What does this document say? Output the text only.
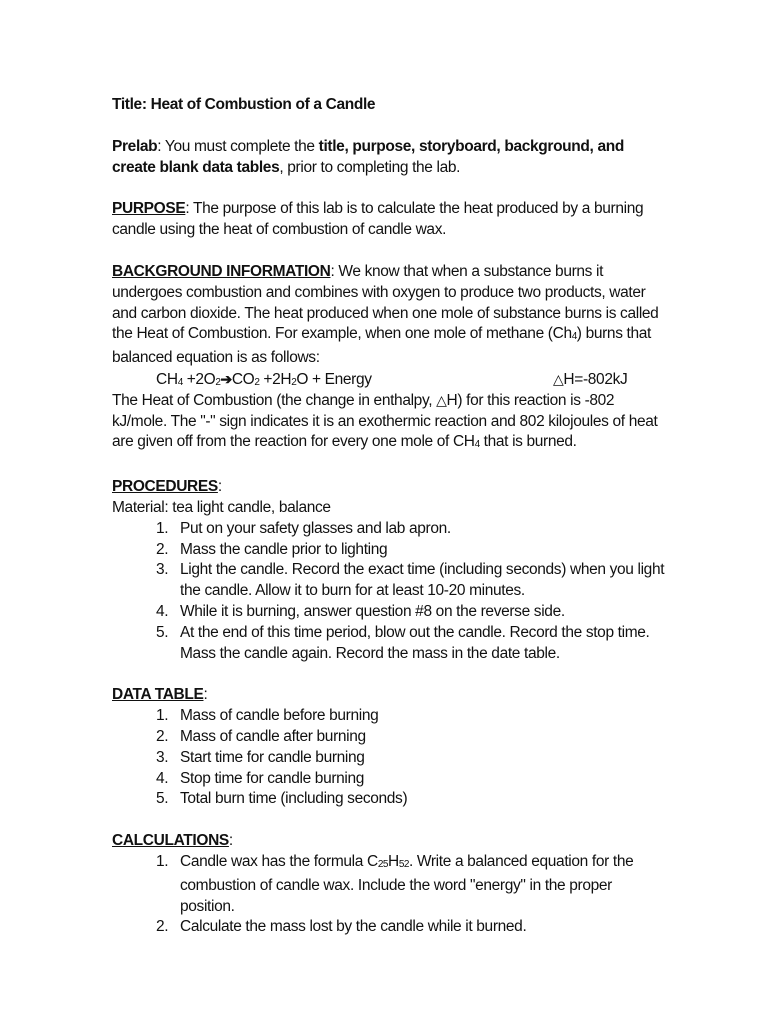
Title: Heat of Combustion of a Candle

Prelab: You must complete the title, purpose, storyboard, background, and create blank data tables, prior to completing the lab.

PURPOSE: The purpose of this lab is to calculate the heat produced by a burning candle using the heat of combustion of candle wax.

BACKGROUND INFORMATION: We know that when a substance burns it undergoes combustion and combines with oxygen to produce two products, water and carbon dioxide. The heat produced when one mole of substance burns is called the Heat of Combustion. For example, when one mole of methane (Ch4) burns that balanced equation is as follows:

CH4 +2O2➔CO2 +2H2O + Energy	△H=-802kJ

The Heat of Combustion (the change in enthalpy, △H) for this reaction is -802 kJ/mole. The "-" sign indicates it is an exothermic reaction and 802 kilojoules of heat are given off from the reaction for every one mole of CH4 that is burned.

PROCEDURES:

Material: tea light candle, balance

1. Put on your safety glasses and lab apron.
2. Mass the candle prior to lighting
3. Light the candle. Record the exact time (including seconds) when you light the candle. Allow it to burn for at least 10-20 minutes.
4. While it is burning, answer question #8 on the reverse side.
5. At the end of this time period, blow out the candle. Record the stop time. Mass the candle again. Record the mass in the date table.

DATA TABLE:

1. Mass of candle before burning
2. Mass of candle after burning
3. Start time for candle burning
4. Stop time for candle burning
5. Total burn time (including seconds)

CALCULATIONS:

1. Candle wax has the formula C25H52. Write a balanced equation for the combustion of candle wax. Include the word "energy" in the proper position.
2. Calculate the mass lost by the candle while it burned.
